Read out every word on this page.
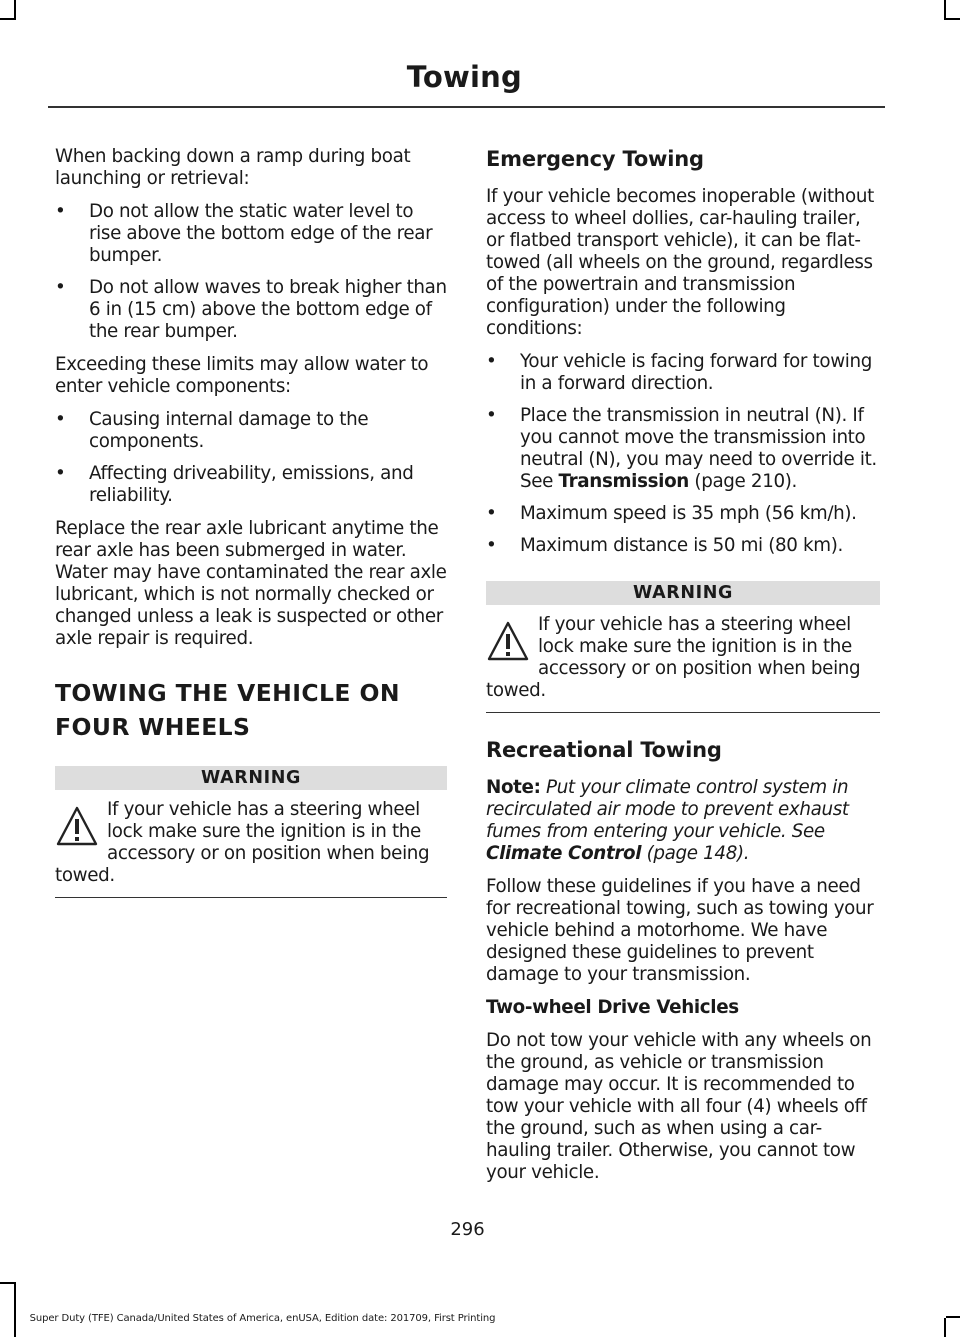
Towing

When backing down a ramp during boat launching or retrieval:

• Do not allow the static water level to rise above the bottom edge of the rear bumper.
• Do not allow waves to break higher than 6 in (15 cm) above the bottom edge of the rear bumper.

Exceeding these limits may allow water to enter vehicle components:

• Causing internal damage to the components.
• Affecting driveability, emissions, and reliability.

Replace the rear axle lubricant anytime the rear axle has been submerged in water. Water may have contaminated the rear axle lubricant, which is not normally checked or changed unless a leak is suspected or other axle repair is required.

TOWING THE VEHICLE ON
FOUR WHEELS
WARNING
If your vehicle has a steering wheel lock make sure the ignition is in the accessory or on position when being towed.
Emergency Towing

If your vehicle becomes inoperable (without access to wheel dollies, car-hauling trailer, or flatbed transport vehicle), it can be flat-towed (all wheels on the ground, regardless of the powertrain and transmission configuration) under the following conditions:

• Your vehicle is facing forward for towing in a forward direction.
• Place the transmission in neutral (N). If you cannot move the transmission into neutral (N), you may need to override it. See Transmission (page 210).
• Maximum speed is 35 mph (56 km/h).
• Maximum distance is 50 mi (80 km).
WARNING
If your vehicle has a steering wheel lock make sure the ignition is in the accessory or on position when being towed.
Recreational Towing

Note: Put your climate control system in recirculated air mode to prevent exhaust fumes from entering your vehicle. See Climate Control (page 148).

Follow these guidelines if you have a need for recreational towing, such as towing your vehicle behind a motorhome. We have designed these guidelines to prevent damage to your transmission.

Two-wheel Drive Vehicles

Do not tow your vehicle with any wheels on the ground, as vehicle or transmission damage may occur. It is recommended to tow your vehicle with all four (4) wheels off the ground, such as when using a car-hauling trailer. Otherwise, you cannot tow your vehicle.

296
Super Duty (TFE) Canada/United States of America, enUSA, Edition date: 201709, First Printing
